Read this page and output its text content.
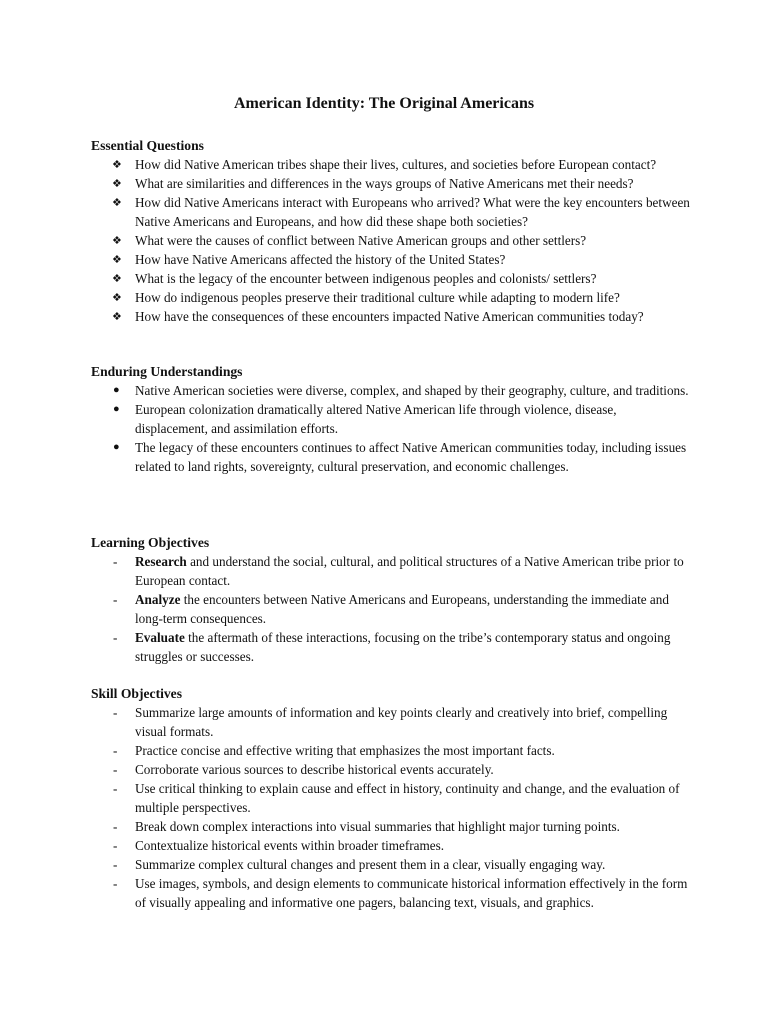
American Identity: The Original Americans

Essential Questions

❖ How did Native American tribes shape their lives, cultures, and societies before European contact?
❖ What are similarities and differences in the ways groups of Native Americans met their needs?
❖ How did Native Americans interact with Europeans who arrived? What were the key encounters between Native Americans and Europeans, and how did these shape both societies?
❖ What were the causes of conflict between Native American groups and other settlers?
❖ How have Native Americans affected the history of the United States?
❖ What is the legacy of the encounter between indigenous peoples and colonists/ settlers?
❖ How do indigenous peoples preserve their traditional culture while adapting to modern life?
❖ How have the consequences of these encounters impacted Native American communities today?

Enduring Understandings

●	Native American societies were diverse, complex, and shaped by their geography, culture, and traditions.
●	European colonization dramatically altered Native American life through violence, disease, displacement, and assimilation efforts.
●	The legacy of these encounters continues to affect Native American communities today, including issues related to land rights, sovereignty, cultural preservation, and economic challenges.

Learning Objectives

-	Research and understand the social, cultural, and political structures of a Native American tribe prior to European contact.
-	Analyze the encounters between Native Americans and Europeans, understanding the immediate and long-term consequences.
-	Evaluate the aftermath of these interactions, focusing on the tribe’s contemporary status and ongoing struggles or successes.

Skill Objectives

-	Summarize large amounts of information and key points clearly and creatively into brief, compelling visual formats.
-	Practice concise and effective writing that emphasizes the most important facts.
-	Corroborate various sources to describe historical events accurately.
-	Use critical thinking to explain cause and effect in history, continuity and change, and the evaluation of multiple perspectives.
-	Break down complex interactions into visual summaries that highlight major turning points.
-	Contextualize historical events within broader timeframes.
-	Summarize complex cultural changes and present them in a clear, visually engaging way.
-	Use images, symbols, and design elements to communicate historical information effectively in the form of visually appealing and informative one pagers, balancing text, visuals, and graphics.
